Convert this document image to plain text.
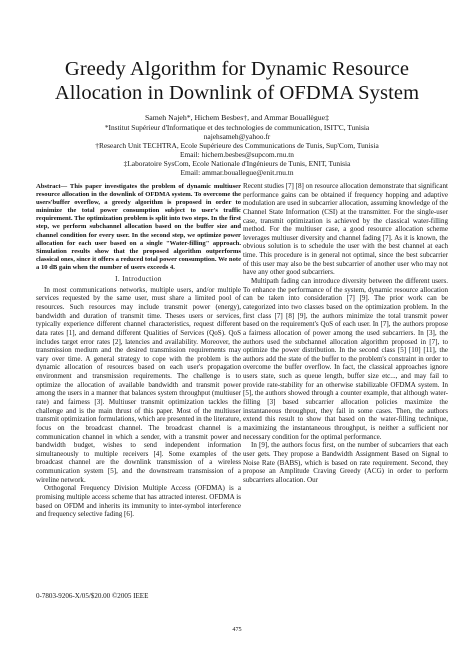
Greedy Algorithm for Dynamic Resource
Allocation in Downlink of OFDMA System
Sameh Najeh*, Hichem Besbes†, and Ammar Bouallègue‡
*Institut Supérieur d'Informatique et des technologies de communication, ISIT'C, Tunisia
najehsameh@yahoo.fr
†Research Unit TECHTRA, Ecole Supérieure des Communications de Tunis, Sup'Com, Tunisia
Email: hichem.besbes@supcom.rnu.tn
‡Laboratoire SysCom, Ecole Nationale d'Ingénieurs de Tunis, ENIT, Tunisia
Email: ammar.bouallegue@enit.rnu.tn

Abstract— This paper investigates the problem of dynamic multiuser resource allocation in the downlink of OFDMA system. To overcome the users'buffer overflow, a greedy algorithm is proposed in order to minimize the total power consumption subject to user's traffic requirement. The optimization problem is split into two steps. In the first step, we perform subchannel allocation based on the buffer size and channel condition for every user. In the second step, we optimize power allocation for each user based on a single "Water-filling" approach. Simulation results show that the proposed algorithm outperforms classical ones, since it offers a reduced total power consumption. We note a 10 dB gain when the number of users exceeds 4.

I. Introduction

In most communications networks, multiple users, and/or multiple services requested by the same user, must share a limited pool of resources. Such resources may include transmit power (energy), bandwidth and duration of transmit time. Theses users or services, typically experience different channel characteristics, request different data rates [1], and demand different Qualities of Services (QoS). QoS includes target error rates [2], latencies and availability. Moreover, the transmission medium and the desired transmission requirements may vary over time. A general strategy to cope with the problem is the dynamic allocation of resources based on each user's propagation environment and transmission requirements. The challenge is to optimize the allocation of available bandwidth and transmit power among the users in a manner that balances system throughput (multiuser rate) and fairness [3]. Multiuser transmit optimization tackles the challenge and is the main thrust of this paper. Most of the multiuser transmit optimization formulations, which are presented in the literature, focus on the broadcast channel. The broadcast channel is a communication channel in which a sender, with a transmit power and bandwidth budget, wishes to send independent information simultaneously to multiple receivers [4]. Some examples of the broadcast channel are the downlink transmission of a wireless communication system [5], and the downstream transmission of a wireline network.

Orthogonal Frequency Division Multiple Access (OFDMA) is a promising multiple access scheme that has attracted interest. OFDMA is based on OFDM and inherits its immunity to inter-symbol interference and frequency selective fading [6].

Recent studies [7] [8] on resource allocation demonstrate that significant performance gains can be obtained if frequency hopping and adaptive modulation are used in subcarrier allocation, assuming knowledge of the Channel State Information (CSI) at the transmitter. For the single-user case, transmit optimization is achieved by the classical water-filling method. For the multiuser case, a good resource allocation scheme leverages multiuser diversity and channel fading [7]. As it is known, the obvious solution is to schedule the user with the best channel at each time. This procedure is in general not optimal, since the best subcarrier of this user may also be the best subcarrier of another user who may not have any other good subcarriers.

Multipath fading can introduce diversity between the different users. To enhance the performance of the system, dynamic resource allocation can be taken into consideration [7] [9]. The prior work can be categorized into two classes based on the optimization problem. In the first class [7] [8] [9], the authors minimize the total transmit power based on the requirement's QoS of each user. In [7], the authors propose a fairness allocation of power among the used subcarriers. In [3], the authors used the subchannel allocation algorithm proposed in [7], to optimize the power distribution. In the second class [5] [10] [11], the authors add the state of the buffer to the problem's constraint in order to overcome the buffer overflow. In fact, the classical approaches ignore users state, such as queue length, buffer size etc..., and may fail to provide rate-stability for an otherwise stabilizable OFDMA system. In [5], the authors showed through a counter example, that although water-filling [3] based subcarrier allocation policies maximize the instantaneous throughput, they fail in some cases. Then, the authors extend this result to show that based on the water-filling technique, maximizing the instantaneous throughput, is neither a sufficient nor necessary condition for the optimal performance.

In [9], the authors focus first, on the number of subcarriers that each user gets. They propose a Bandwidth Assignment Based on Signal to Noise Rate (BABS), which is based on rate requirement. Second, they propose an Amplitude Craving Greedy (ACG) in order to perform subcarriers allocation. Our

0-7803-9206-X/05/$20.00 ©2005 IEEE
475
